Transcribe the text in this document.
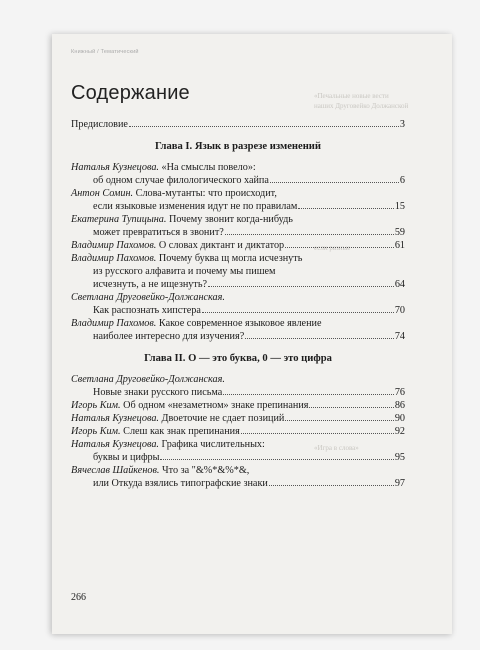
Книжный / Тематический
«Печальные новые вести
наших Друговейко Должанской
если разные
«Игра в слова»
Содержание
Предисловие	3
Глава I. Язык в разрезе изменений
Наталья Кузнецова. «На смыслы повело»:
об одном случае филологического хайпа	6
Антон Сомин. Слова-мутанты: что происходит,
если языковые изменения идут не по правилам	15
Екатерина Тупицына. Почему звонит когда-нибудь
может превратиться в звонит?	59
Владимир Пахомов. О словах диктант и диктатор	61
Владимир Пахомов. Почему буква щ могла исчезнуть
из русского алфавита и почему мы пишем
исчезнуть, а не ищезнуть?	64
Светлана Друговейко-Должанская.
Как распознать хипстера	70
Владимир Пахомов. Какое современное языковое явление
наиболее интересно для изучения?	74
Глава II. О — это буква, 0 — это цифра
Светлана Друговейко-Должанская.
Новые знаки русского письма	76
Игорь Ким. Об одном «незаметном» знаке препинания	86
Наталья Кузнецова. Двоеточие не сдает позиций	90
Игорь Ким. Слеш как знак препинания	92
Наталья Кузнецова. Графика числительных:
буквы и цифры	95
Вячеслав Шайкенов. Что за "&%*&%*&,
или Откуда взялись типографские знаки	97
266
